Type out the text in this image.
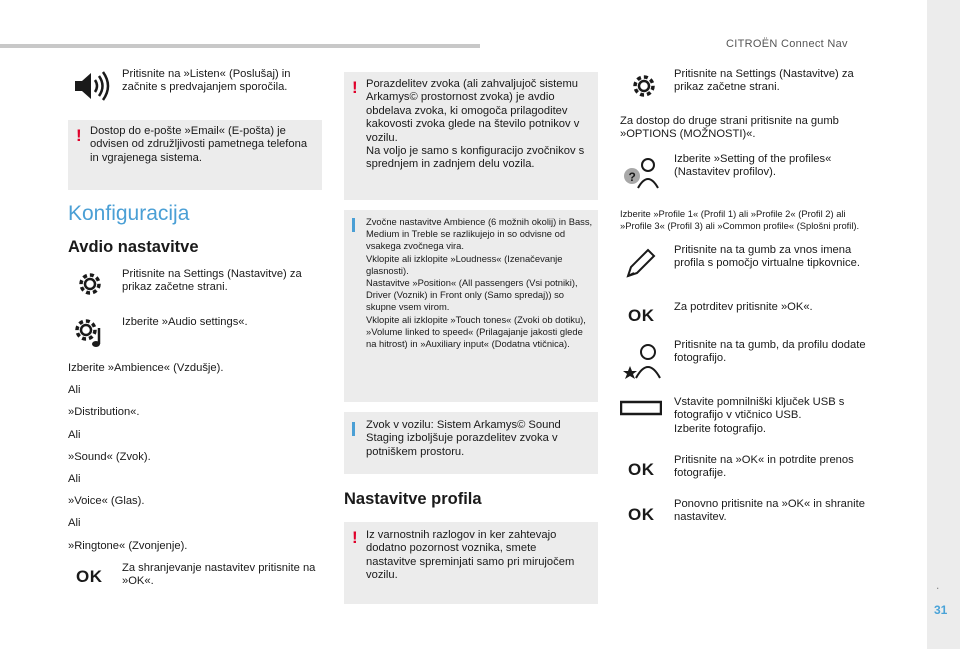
CITROËN Connect Nav
.
31
Pritisnite na »Listen« (Poslušaj) in začnite s predvajanjem sporočila.
! Dostop do e-pošte »Email« (E-pošta) je odvisen od združljivosti pametnega telefona in vgrajenega sistema.
Konfiguracija
Avdio nastavitve
Pritisnite na Settings (Nastavitve) za prikaz začetne strani.
Izberite »Audio settings«.
Izberite »Ambience« (Vzdušje).
Ali
»Distribution«.
Ali
»Sound« (Zvok).
Ali
»Voice« (Glas).
Ali
»Ringtone« (Zvonjenje).
OK Za shranjevanje nastavitev pritisnite na »OK«.
! Porazdelitev zvoka (ali zahvaljujoč sistemu Arkamys© prostornost zvoka) je avdio obdelava zvoka, ki omogoča prilagoditev kakovosti zvoka glede na število potnikov v vozilu.
Na voljo je samo s konfiguracijo zvočnikov s sprednjem in zadnjem delu vozila.
Zvočne nastavitve Ambience (6 možnih okolij) in Bass, Medium in Treble se razlikujejo in so odvisne od vsakega zvočnega vira.
Vklopite ali izklopite »Loudness« (Izenačevanje glasnosti).
Nastavitve »Position« (All passengers (Vsi potniki), Driver (Voznik) in Front only (Samo spredaj)) so skupne vsem virom.
Vklopite ali izklopite »Touch tones« (Zvoki ob dotiku), »Volume linked to speed« (Prilagajanje jakosti glede na hitrost) in »Auxiliary input« (Dodatna vtičnica).
Zvok v vozilu: Sistem Arkamys© Sound Staging izboljšuje porazdelitev zvoka v potniškem prostoru.
Nastavitve profila
! Iz varnostnih razlogov in ker zahtevajo dodatno pozornost voznika, smete nastavitve spreminjati samo pri mirujočem vozilu.
Pritisnite na Settings (Nastavitve) za prikaz začetne strani.
Za dostop do druge strani pritisnite na gumb »OPTIONS (MOŽNOSTI)«.
?
Izberite »Setting of the profiles« (Nastavitev profilov).
Izberite »Profile 1« (Profil 1) ali »Profile 2« (Profil 2) ali »Profile 3« (Profil 3) ali »Common profile« (Splošni profil).
Pritisnite na ta gumb za vnos imena profila s pomočjo virtualne tipkovnice.
OK Za potrditev pritisnite »OK«.
Pritisnite na ta gumb, da profilu dodate fotografijo.
Vstavite pomnilniški ključek USB s fotografijo v vtičnico USB.
Izberite fotografijo.
OK Pritisnite na »OK« in potrdite prenos fotografije.
OK
Ponovno pritisnite na »OK« in shranite nastavitev.
